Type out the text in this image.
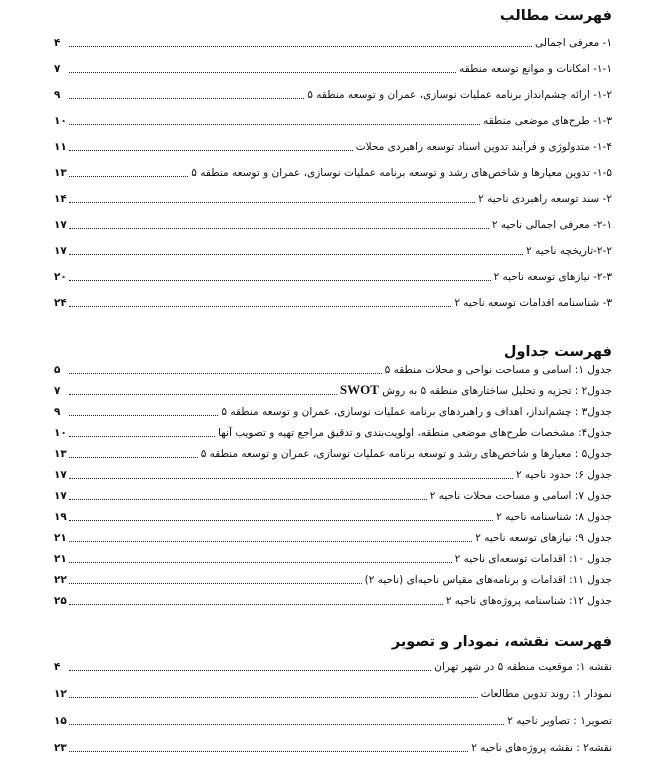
فهرست مطالب
۱- معرفی اجمالی
۴
۱-۱- امکانات و موانع توسعه منطقه
۷
۱-۲- ارائه چشم‌انداز برنامه عملیات نوسازی، عمران و توسعه منطقه ۵
۹
۱-۳- طرح‌های موضعی منطقه
۱۰
۱-۴- متدولوژی و فرآیند تدوین اسناد توسعه راهبردی محلات
۱۱
۱-۵- تدوین معیارها و شاخص‌های رشد و توسعه برنامه عملیات نوسازی، عمران و توسعه منطقه ۵
۱۳
۲- سند توسعه راهبردی ناحیه ۲
۱۴
۲-۱- معرفی اجمالی ناحیه ۲
۱۷
۲-۲-تاریخچه ناحیه ۲
۱۷
۲-۳- نیازهای توسعه ناحیه ۲
۲۰
۳- شناسنامه اقدامات توسعه ناحیه ۲
۲۴
فهرست جداول
جدول ۱: اسامی و مساحت نواحی و محلات منطقه ۵
۵
جدول۲ : تجزیه و تحلیل ساختارهای منطقه ۵ به روش SWOT
۷
جدول۳ : چشم‌انداز، اهداف و راهبردهای برنامه عملیات نوسازی، عمران و توسعه منطقه ۵
۹
جدول۴: مشخصات طرح‌های موضعی منطقه، اولویت‌بندی و تدقیق مراجع تهیه و تصویب آنها
۱۰
جدول۵ : معیارها و شاخص‌های رشد و توسعه برنامه عملیات نوسازی، عمران و توسعه منطقه ۵
۱۳
جدول ۶: حدود ناحیه ۲
۱۷
جدول ۷: اسامی و مساحت محلات ناحیه ۲
۱۷
جدول ۸: شناسنامه ناحیه ۲
۱۹
جدول ۹: نیازهای توسعه ناحیه ۲
۲۱
جدول ۱۰: اقدامات توسعه‌ای ناحیه ۲
۲۱
جدول ۱۱: اقدامات و برنامه‌های مقیاس ناحیه‌ای (ناحیه ۲)
۲۲
جدول ۱۲: شناسنامه پروژه‌های ناحیه ۲
۲۵
فهرست نقشه، نمودار و تصویر
نقشه ۱: موقعیت منطقه ۵ در شهر تهران
۴
نمودار ۱: روند تدوین مطالعات
۱۲
تصویر۱ : تصاویر ناحیه ۲
۱۵
نقشه۲ : نقشه پروژه‌های ناحیه ۲
۲۳
